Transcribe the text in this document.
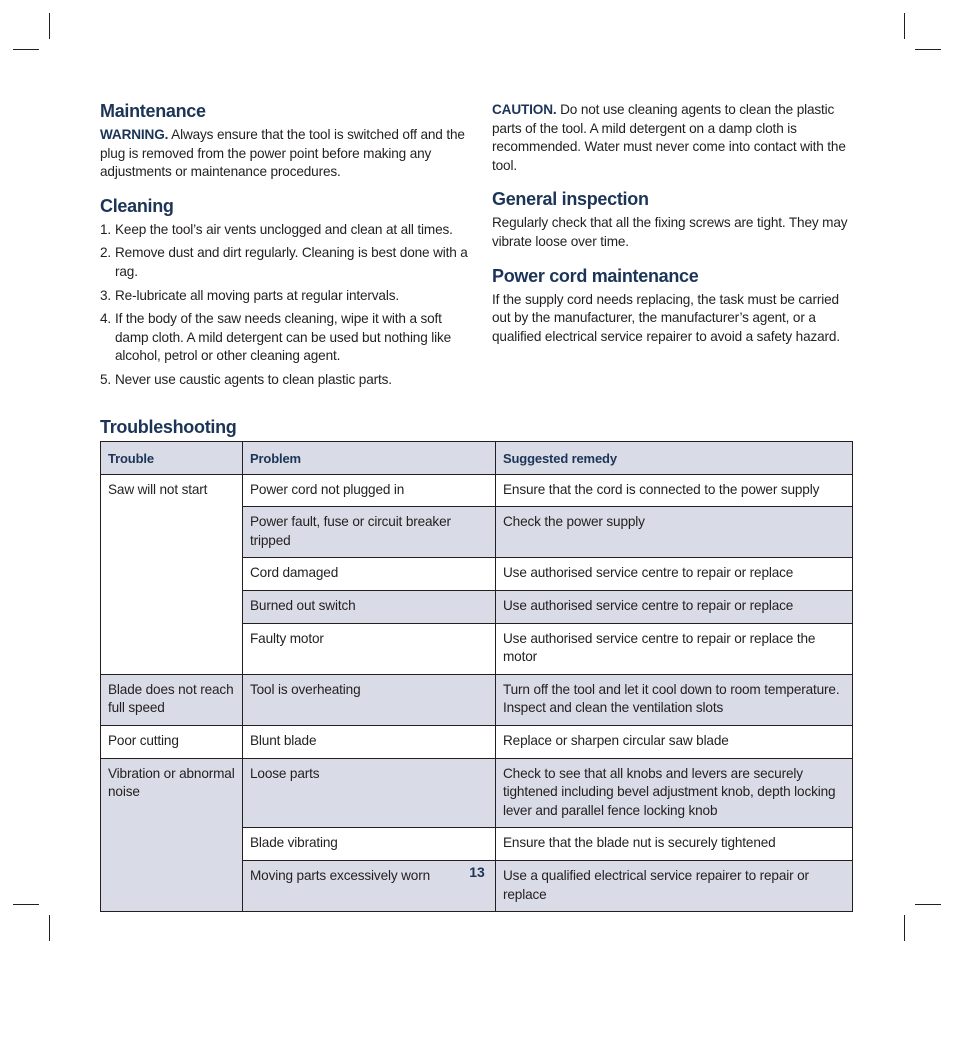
Maintenance

WARNING. Always ensure that the tool is switched off and the plug is removed from the power point before making any adjustments or maintenance procedures.

Cleaning
1. Keep the tool’s air vents unclogged and clean at all times.
2. Remove dust and dirt regularly. Cleaning is best done with a rag.
3. Re-lubricate all moving parts at regular intervals.
4. If the body of the saw needs cleaning, wipe it with a soft damp cloth. A mild detergent can be used but nothing like alcohol, petrol or other cleaning agent.
5. Never use caustic agents to clean plastic parts.

CAUTION. Do not use cleaning agents to clean the plastic parts of the tool. A mild detergent on a damp cloth is recommended. Water must never come into contact with the tool.

General inspection

Regularly check that all the fixing screws are tight. They may vibrate loose over time.

Power cord maintenance

If the supply cord needs replacing, the task must be carried out by the manufacturer, the manufacturer’s agent, or a qualified electrical service repairer to avoid a safety hazard.

Troubleshooting
Trouble	Problem	Suggested remedy
Saw will not start	Power cord not plugged in	Ensure that the cord is connected to the power supply
	Power fault, fuse or circuit breaker tripped	Check the power supply
	Cord damaged	Use authorised service centre to repair or replace
	Burned out switch	Use authorised service centre to repair or replace
	Faulty motor	Use authorised service centre to repair or replace the motor
Blade does not reach full speed	Tool is overheating	Turn off the tool and let it cool down to room temperature. Inspect and clean the ventilation slots
Poor cutting	Blunt blade	Replace or sharpen circular saw blade
Vibration or abnormal noise	Loose parts	Check to see that all knobs and levers are securely tightened including bevel adjustment knob, depth locking lever and parallel fence locking knob
	Blade vibrating	Ensure that the blade nut is securely tightened
	Moving parts excessively worn	Use a qualified electrical service repairer to repair or replace
13
